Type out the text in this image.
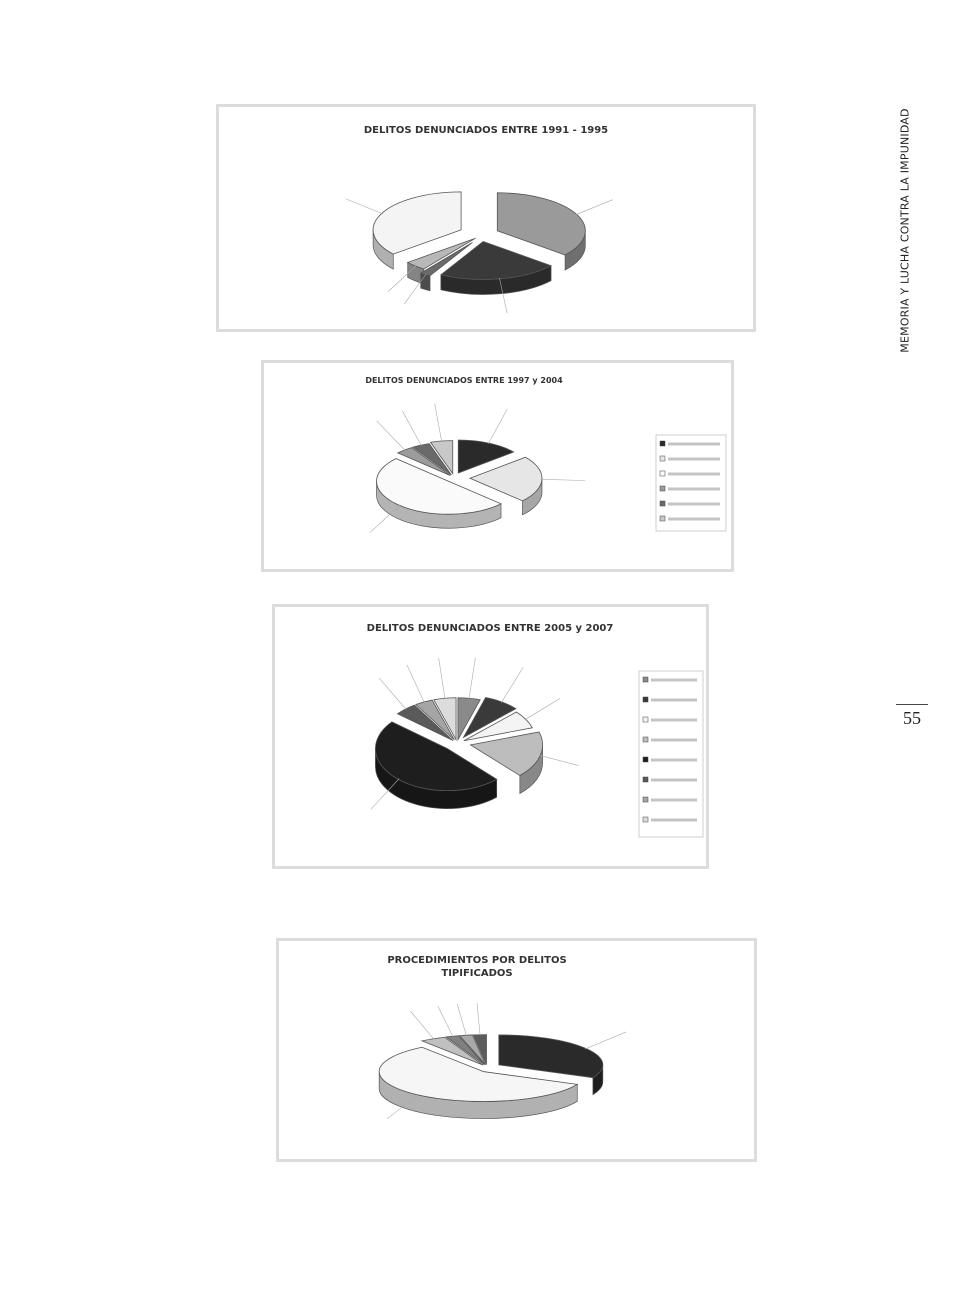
MEMORIA Y LUCHA CONTRA LA IMPUNIDAD
55
DELITOS DENUNCIADOS ENTRE 1991 - 1995
DELITOS DENUNCIADOS ENTRE 1997 y 2004
DELITOS DENUNCIADOS ENTRE 2005 y 2007
PROCEDIMIENTOS POR DELITOS
TIPIFICADOS
